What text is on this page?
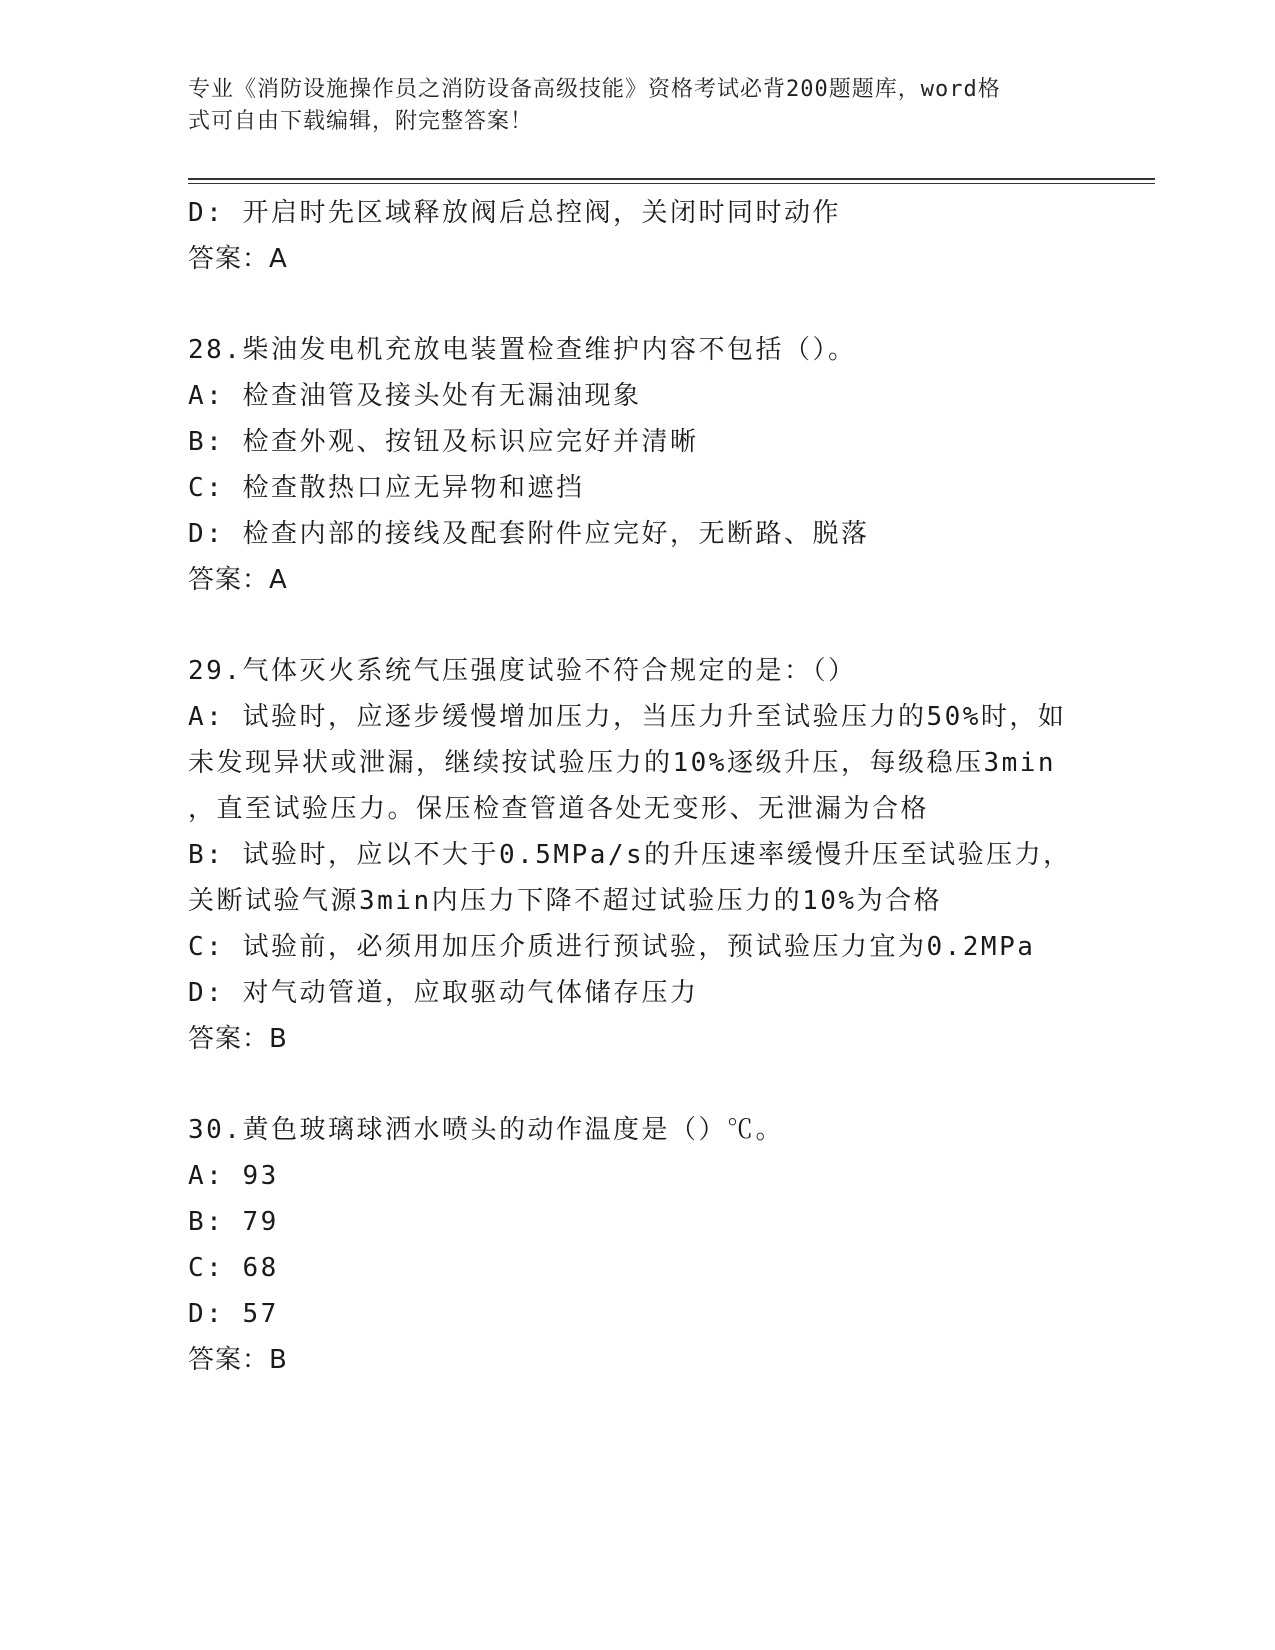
专业《消防设施操作员之消防设备高级技能》资格考试必背200题题库，word格
式可自由下载编辑，附完整答案！
D: 开启时先区域释放阀后总控阀，关闭时同时动作
答案：A
28.柴油发电机充放电装置检查维护内容不包括（）。
A: 检查油管及接头处有无漏油现象
B: 检查外观、按钮及标识应完好并清晰
C: 检查散热口应无异物和遮挡
D: 检查内部的接线及配套附件应完好，无断路、脱落
答案：A
29.气体灭火系统气压强度试验不符合规定的是：（）
A: 试验时，应逐步缓慢增加压力，当压力升至试验压力的50%时，如
未发现异状或泄漏，继续按试验压力的10%逐级升压，每级稳压3min
，直至试验压力。保压检查管道各处无变形、无泄漏为合格
B: 试验时，应以不大于0.5MPa/s的升压速率缓慢升压至试验压力，
关断试验气源3min内压力下降不超过试验压力的10%为合格
C: 试验前，必须用加压介质进行预试验，预试验压力宜为0.2MPa
D: 对气动管道，应取驱动气体储存压力
答案：B
30.黄色玻璃球洒水喷头的动作温度是（）℃。
A: 93
B: 79
C: 68
D: 57
答案：B
